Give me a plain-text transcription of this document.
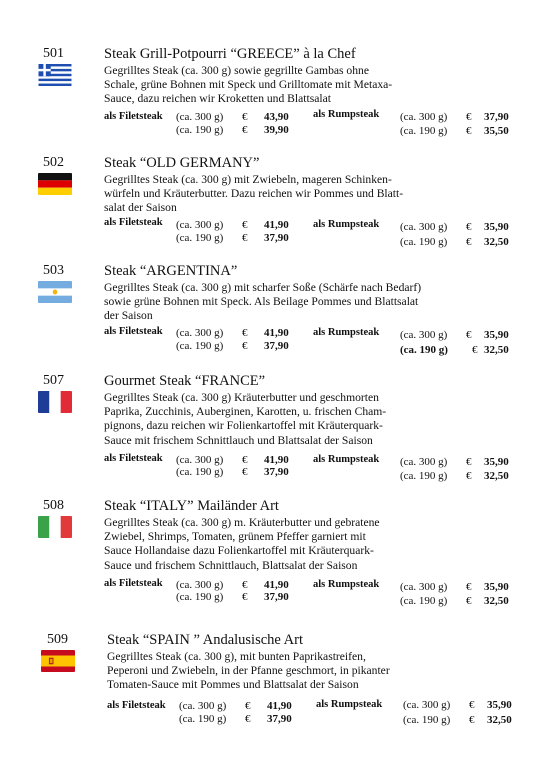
501	Steak Grill-Potpourri “GREECE” à la Chef
Gegrilltes Steak (ca. 300 g) sowie gegrillte Gambas ohne
Schale, grüne Bohnen mit Speck und Grilltomate mit Metaxa-
Sauce, dazu reichen wir Kroketten und Blattsalat
als Filetsteak (ca. 300 g) € 43,90
(ca. 190 g) € 39,90
als Rumpsteak (ca. 300 g) € 37,90
(ca. 190 g) € 35,50
502	Steak “OLD GERMANY”
Gegrilltes Steak (ca. 300 g) mit Zwiebeln, mageren Schinken-
würfeln und Kräuterbutter. Dazu reichen wir Pommes und Blatt-
salat der Saison
als Filetsteak (ca. 300 g) € 41,90
(ca. 190 g) € 37,90
als Rumpsteak (ca. 300 g) € 35,90
(ca. 190 g) € 32,50
503	Steak “ARGENTINA”
Gegrilltes Steak (ca. 300 g) mit scharfer Soße (Schärfe nach Bedarf)
sowie grüne Bohnen mit Speck. Als Beilage Pommes und Blattsalat
der Saison
als Filetsteak (ca. 300 g) € 41,90
(ca. 190 g) € 37,90
als Rumpsteak (ca. 300 g) € 35,90
(ca. 190 g) € 32,50
507	Gourmet Steak “FRANCE”
Gegrilltes Steak (ca. 300 g) Kräuterbutter und geschmorten
Paprika, Zucchinis, Auberginen, Karotten, u. frischen Cham-
pignons, dazu reichen wir Folienkartoffel mit Kräuterquark-
Sauce mit frischem Schnittlauch und Blattsalat der Saison
als Filetsteak (ca. 300 g) € 41,90
(ca. 190 g) € 37,90
als Rumpsteak (ca. 300 g) € 35,90
(ca. 190 g) € 32,50
508	Steak “ITALY” Mailänder Art
Gegrilltes Steak (ca. 300 g) m. Kräuterbutter und gebratene
Zwiebel, Shrimps, Tomaten, grünem Pfeffer garniert mit
Sauce Hollandaise dazu Folienkartoffel mit Kräuterquark-
Sauce und frischem Schnittlauch, Blattsalat der Saison
als Filetsteak (ca. 300 g) € 41,90
(ca. 190 g) € 37,90
als Rumpsteak (ca. 300 g) € 35,90
(ca. 190 g) € 32,50
509	Steak “SPAIN ” Andalusische Art
Gegrilltes Steak (ca. 300 g), mit bunten Paprikastreifen,
Peperoni und Zwiebeln, in der Pfanne geschmort, in pikanter
Tomaten-Sauce mit Pommes und Blattsalat der Saison
als Filetsteak (ca. 300 g) € 41,90
(ca. 190 g) € 37,90
als Rumpsteak (ca. 300 g) € 35,90
(ca. 190 g) € 32,50
